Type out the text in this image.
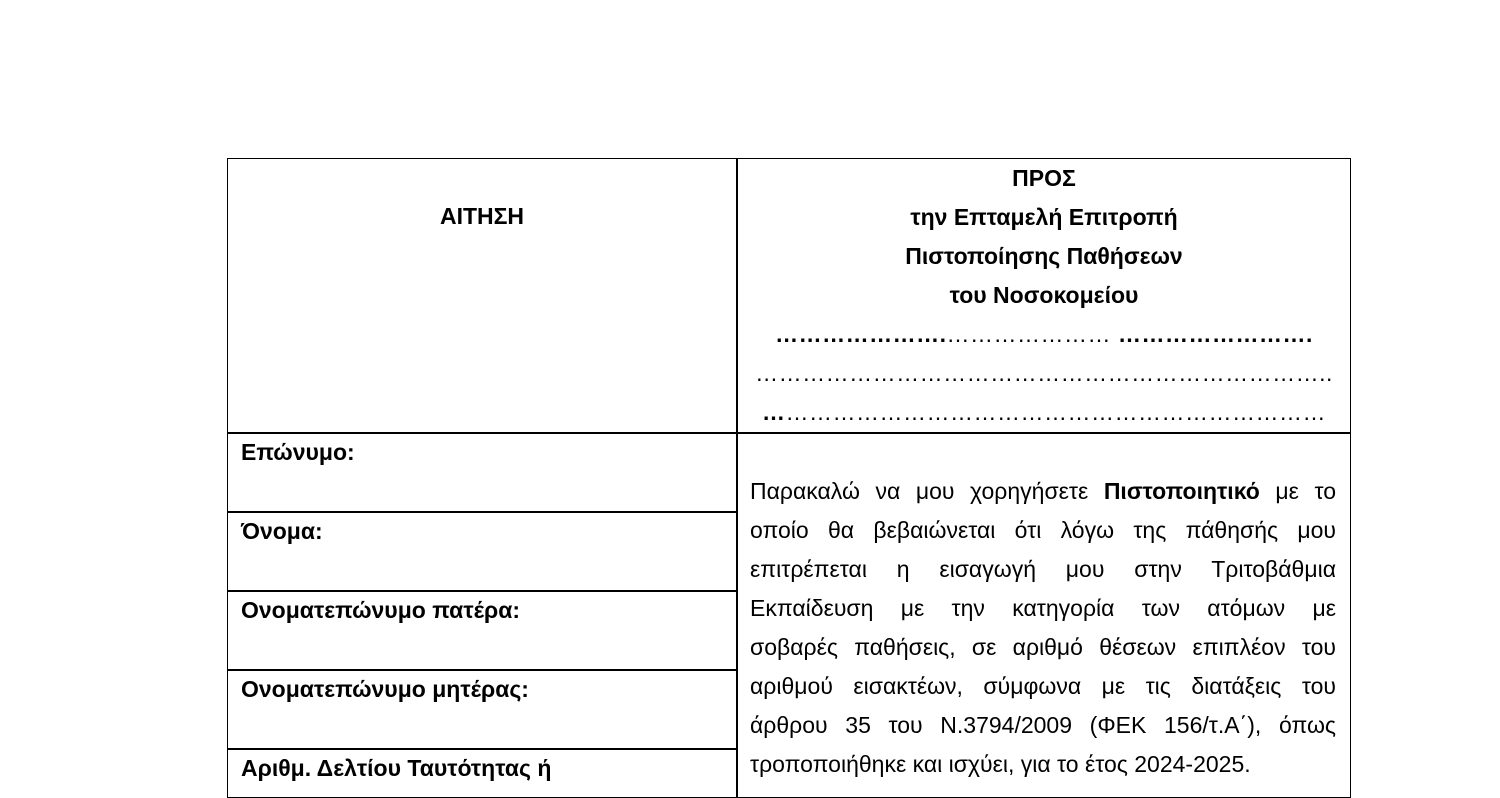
ΑΙΤΗΣΗ
ΠΡΟΣ
την Επταμελή Επιτροπή
Πιστοποίησης Παθήσεων
του Νοσοκομείου
………………….………………… …………………….
………………………………………………………………..
………………………………………………………………
Επώνυμο:
Όνομα:
Ονοματεπώνυμο πατέρα:
Ονοματεπώνυμο μητέρας:
Αριθμ. Δελτίου Ταυτότητας ή
Παρακαλώ να μου χορηγήσετε Πιστοποιητικό με το
οποίο θα βεβαιώνεται ότι λόγω της πάθησής μου
επιτρέπεται η εισαγωγή μου στην Τριτοβάθμια
Εκπαίδευση με την κατηγορία των ατόμων με
σοβαρές παθήσεις, σε αριθμό θέσεων επιπλέον του
αριθμού εισακτέων, σύμφωνα με τις διατάξεις του
άρθρου 35 του Ν.3794/2009 (ΦΕΚ 156/τ.Α΄), όπως
τροποποιήθηκε και ισχύει, για το έτος 2024-2025.
